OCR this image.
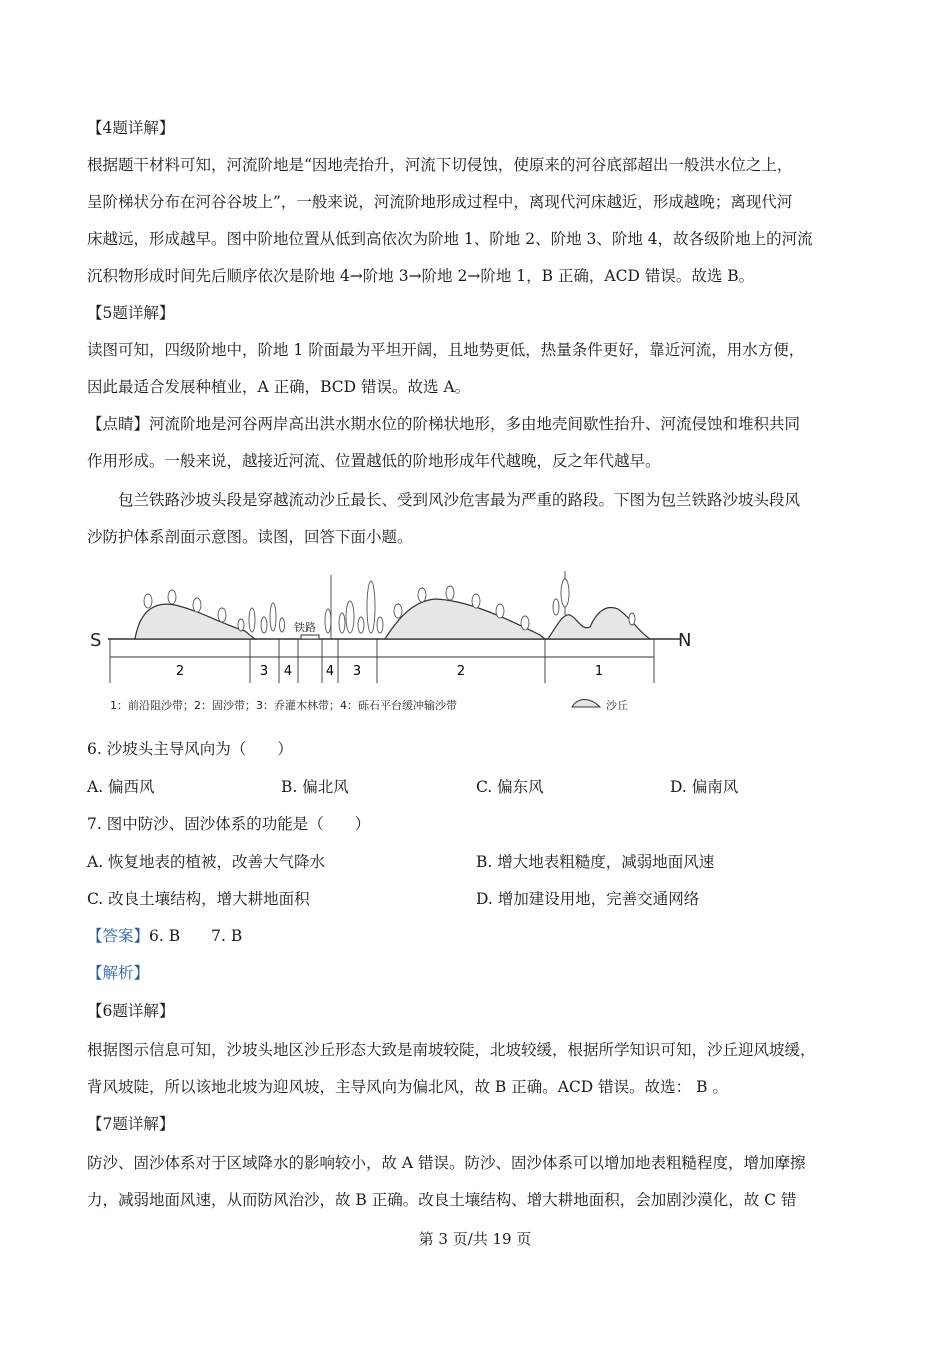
【4题详解】
根据题干材料可知，河流阶地是“因地壳抬升，河流下切侵蚀，使原来的河谷底部超出一般洪水位之上，
呈阶梯状分布在河谷谷坡上”，一般来说，河流阶地形成过程中，离现代河床越近，形成越晚；离现代河
床越远，形成越早。图中阶地位置从低到高依次为阶地 1、阶地 2、阶地 3、阶地 4，故各级阶地上的河流
沉积物形成时间先后顺序依次是阶地 4→阶地 3→阶地 2→阶地 1，B 正确，ACD 错误。故选 B。
【5题详解】
读图可知，四级阶地中，阶地 1 阶面最为平坦开阔，且地势更低，热量条件更好，靠近河流，用水方便，
因此最适合发展种植业，A 正确，BCD 错误。故选 A。
【点睛】河流阶地是河谷两岸高出洪水期水位的阶梯状地形，多由地壳间歇性抬升、河流侵蚀和堆积共同
作用形成。一般来说，越接近河流、位置越低的阶地形成年代越晚，反之年代越早。
包兰铁路沙坡头段是穿越流动沙丘最长、受到风沙危害最为严重的路段。下图为包兰铁路沙坡头段风
沙防护体系剖面示意图。读图，回答下面小题。
S
铁路
N
2	3 4	4 3	2	1
1：前沿阻沙带；2：固沙带；3：乔灌木林带；4：砾石平台缓冲输沙带	沙丘
6. 沙坡头主导风向为（　　）
A. 偏西风	B. 偏北风	C. 偏东风	D. 偏南风
7. 图中防沙、固沙体系的功能是（　　）
A. 恢复地表的植被，改善大气降水	B. 增大地表粗糙度，减弱地面风速
C. 改良土壤结构，增大耕地面积	D. 增加建设用地，完善交通网络
【答案】6. B　　7. B
【解析】
【6题详解】
根据图示信息可知，沙坡头地区沙丘形态大致是南坡较陡，北坡较缓，根据所学知识可知，沙丘迎风坡缓，
背风坡陡，所以该地北坡为迎风坡，主导风向为偏北风，故 B 正确。ACD 错误。故选： B 。
【7题详解】
防沙、固沙体系对于区域降水的影响较小，故 A 错误。防沙、固沙体系可以增加地表粗糙程度，增加摩擦
力，减弱地面风速，从而防风治沙，故 B 正确。改良土壤结构、增大耕地面积，会加剧沙漠化，故 C 错
第 3 页/共 19 页
